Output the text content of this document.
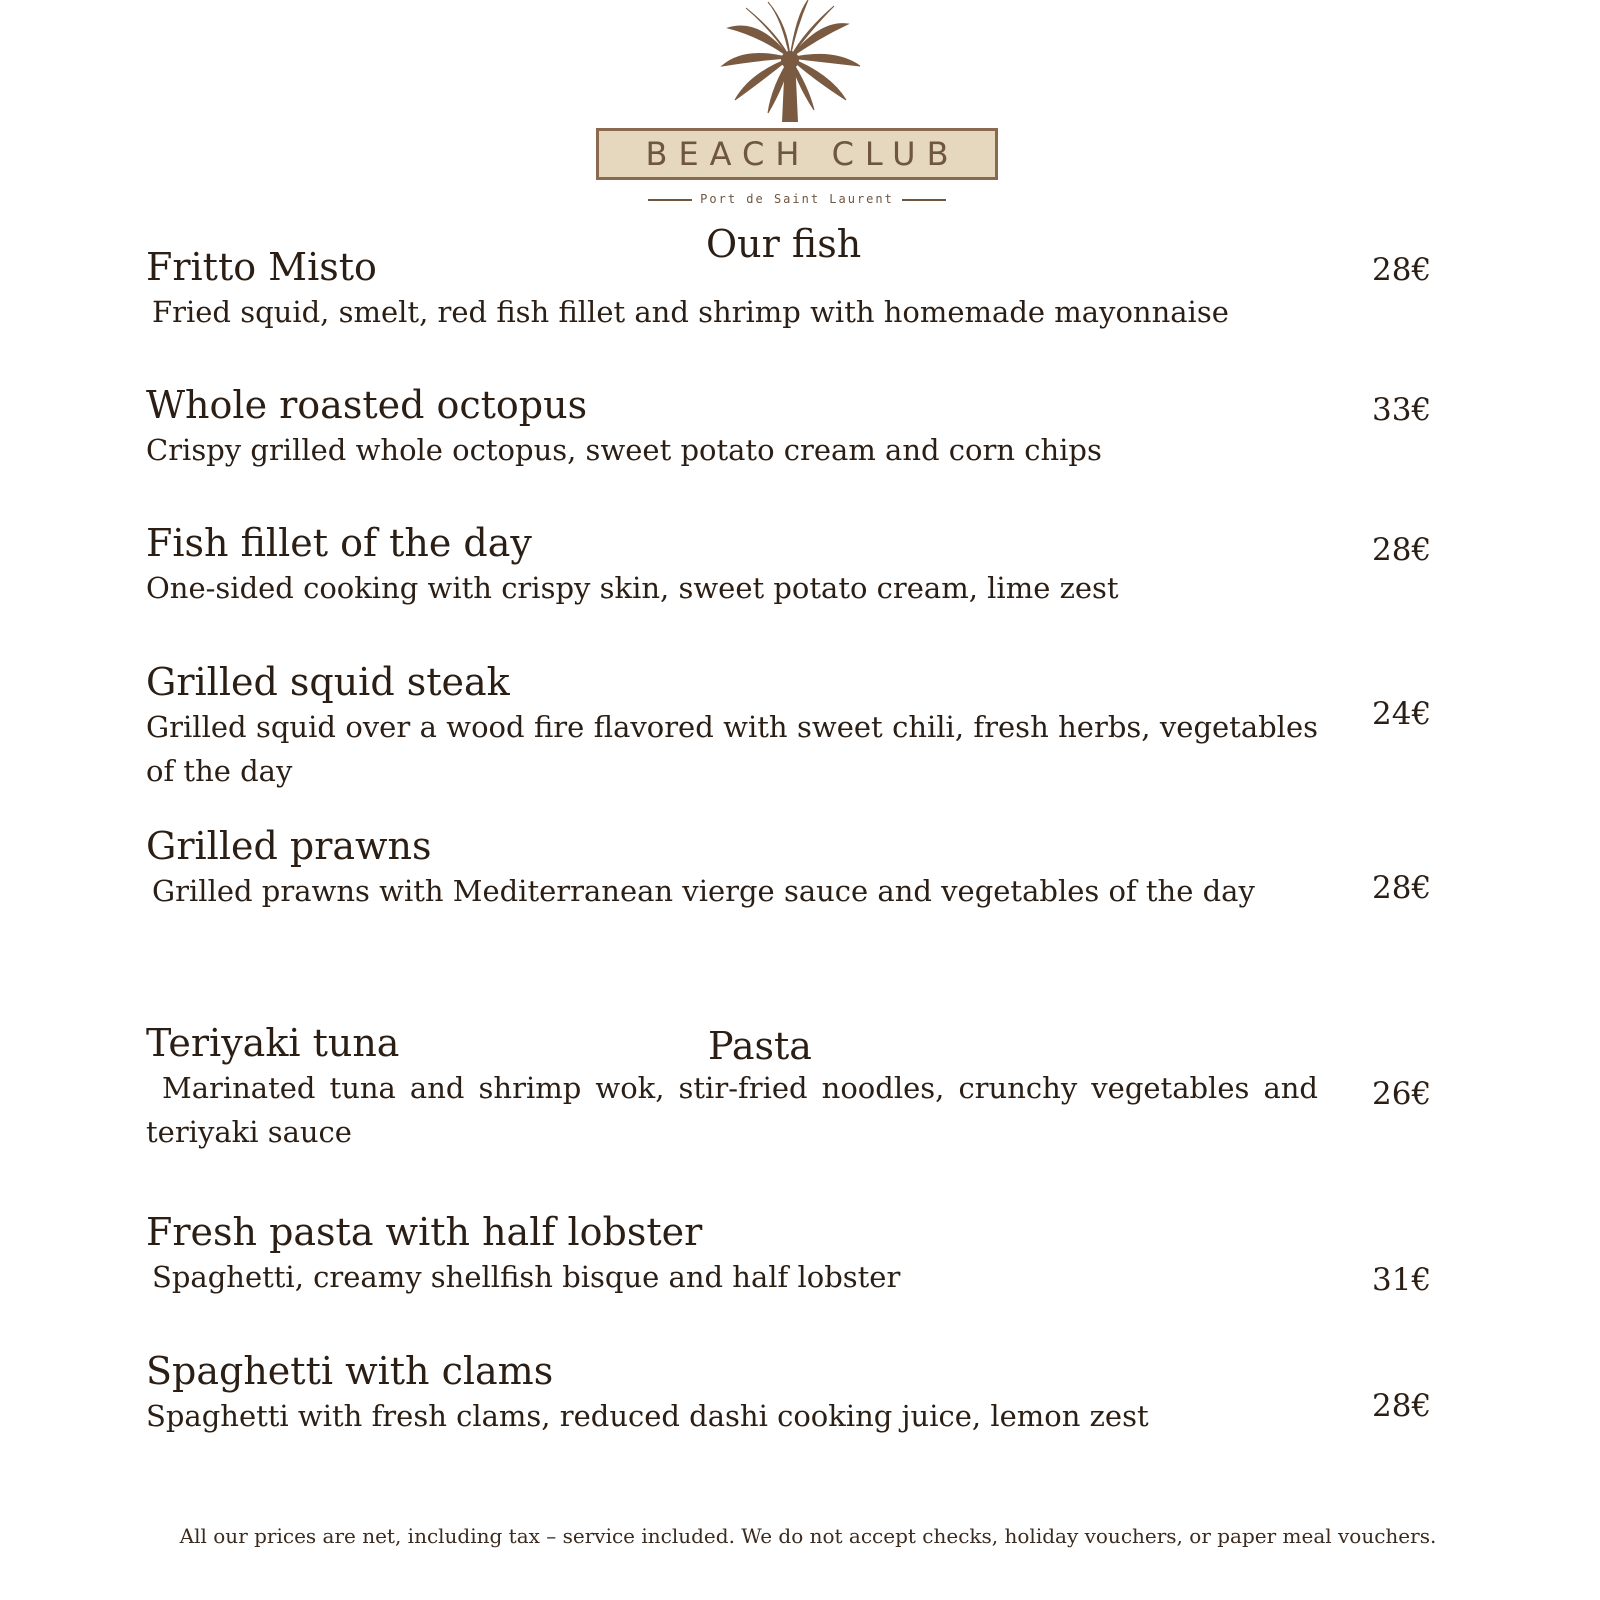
BEACH CLUB
Port de Saint Laurent
Our fish
Pasta
Fritto Misto

Fried squid, smelt, red fish fillet and shrimp with homemade mayonnaise

28€
Whole roasted octopus

Crispy grilled whole octopus, sweet potato cream and corn chips

33€
Fish fillet of the day

One-sided cooking with crispy skin, sweet potato cream, lime zest

28€
Grilled squid steak

Grilled squid over a wood fire flavored with sweet chili, fresh herbs, vegetables of the day

24€
Grilled prawns

Grilled prawns with Mediterranean vierge sauce and vegetables of the day	28€
Teriyaki tuna

Marinated tuna and shrimp wok, stir-fried noodles, crunchy vegetables and teriyaki sauce

26€
Fresh pasta with half lobster

Spaghetti, creamy shellfish bisque and half lobster	31€
Spaghetti with clams

Spaghetti with fresh clams, reduced dashi cooking juice, lemon zest	28€
All our prices are net, including tax – service included. We do not accept checks, holiday vouchers, or paper meal vouchers.
